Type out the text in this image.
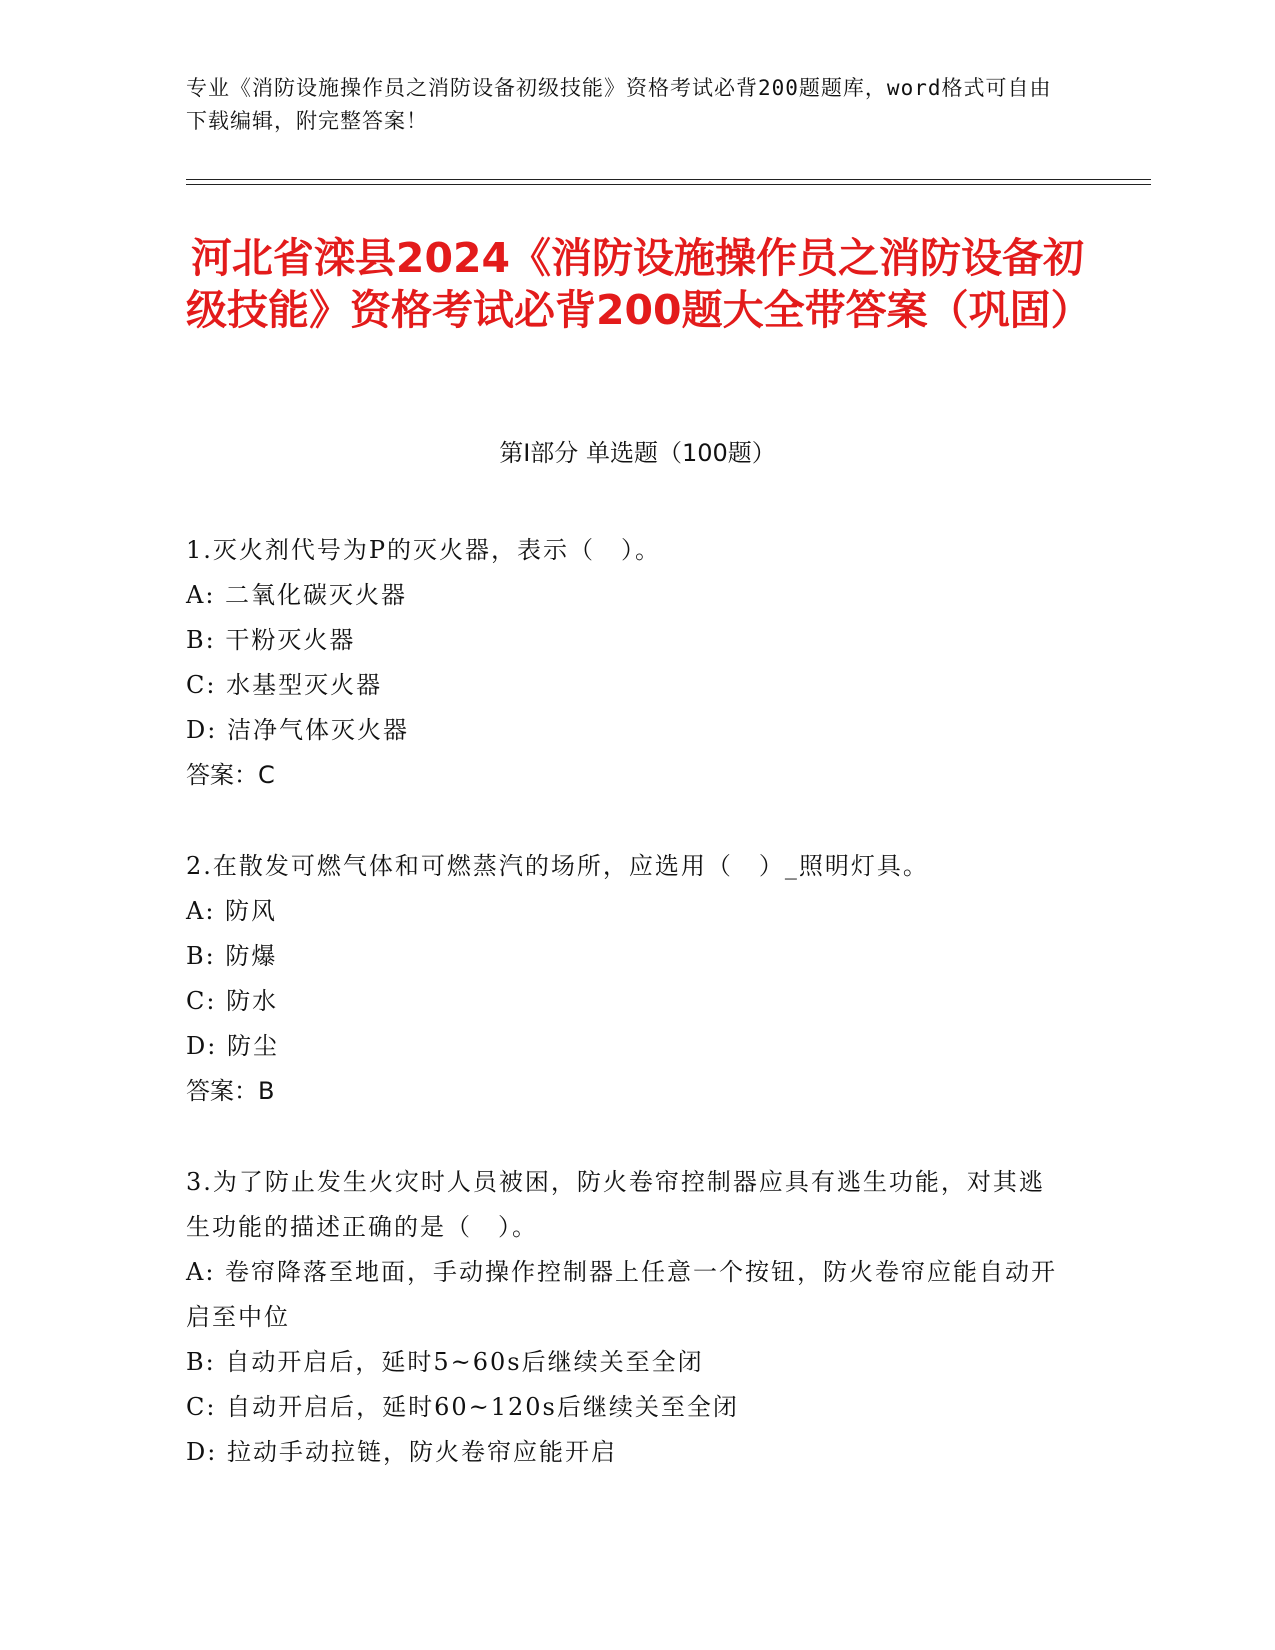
专业《消防设施操作员之消防设备初级技能》资格考试必背200题题库，word格式可自由下载编辑，附完整答案！
河北省滦县2024《消防设施操作员之消防设备初级技能》资格考试必背200题大全带答案（巩固）
第Ⅰ部分 单选题（100题）
1.灭火剂代号为P的灭火器，表示（　）。
A: 二氧化碳灭火器
B: 干粉灭火器
C: 水基型灭火器
D: 洁净气体灭火器
答案：C
2.在散发可燃气体和可燃蒸汽的场所，应选用（　）_照明灯具。
A: 防风
B: 防爆
C: 防水
D: 防尘
答案：B
3.为了防止发生火灾时人员被困，防火卷帘控制器应具有逃生功能，对其逃生功能的描述正确的是（　）。
A: 卷帘降落至地面，手动操作控制器上任意一个按钮，防火卷帘应能自动开启至中位
B: 自动开启后，延时5~60s后继续关至全闭
C: 自动开启后，延时60~120s后继续关至全闭
D: 拉动手动拉链，防火卷帘应能开启
